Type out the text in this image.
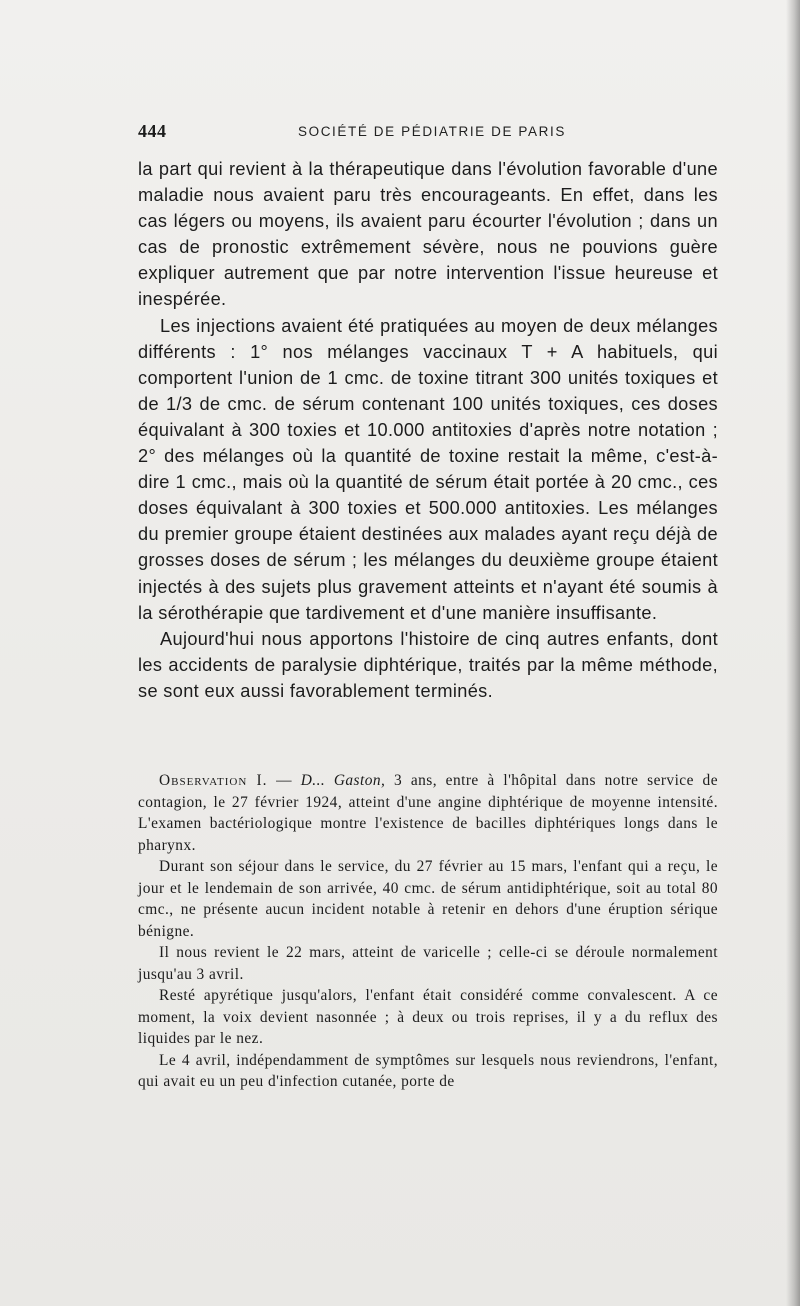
444	SOCIÉTÉ DE PÉDIATRIE DE PARIS

la part qui revient à la thérapeutique dans l'évolution favorable d'une maladie nous avaient paru très encourageants. En effet, dans les cas légers ou moyens, ils avaient paru écourter l'évolution ; dans un cas de pronostic extrêmement sévère, nous ne pouvions guère expliquer autrement que par notre intervention l'issue heureuse et inespérée.

Les injections avaient été pratiquées au moyen de deux mélanges différents : 1° nos mélanges vaccinaux T + A habituels, qui comportent l'union de 1 cmc. de toxine titrant 300 unités toxiques et de 1/3 de cmc. de sérum contenant 100 unités toxiques, ces doses équivalant à 300 toxies et 10.000 antitoxies d'après notre notation ; 2° des mélanges où la quantité de toxine restait la même, c'est-à-dire 1 cmc., mais où la quantité de sérum était portée à 20 cmc., ces doses équivalant à 300 toxies et 500.000 antitoxies. Les mélanges du premier groupe étaient destinées aux malades ayant reçu déjà de grosses doses de sérum ; les mélanges du deuxième groupe étaient injectés à des sujets plus gravement atteints et n'ayant été soumis à la sérothérapie que tardivement et d'une manière insuffisante.

Aujourd'hui nous apportons l'histoire de cinq autres enfants, dont les accidents de paralysie diphtérique, traités par la même méthode, se sont eux aussi favorablement terminés.

Observation I. — D... Gaston, 3 ans, entre à l'hôpital dans notre service de contagion, le 27 février 1924, atteint d'une angine diphtérique de moyenne intensité. L'examen bactériologique montre l'existence de bacilles diphtériques longs dans le pharynx.

Durant son séjour dans le service, du 27 février au 15 mars, l'enfant qui a reçu, le jour et le lendemain de son arrivée, 40 cmc. de sérum antidiphtérique, soit au total 80 cmc., ne présente aucun incident notable à retenir en dehors d'une éruption sérique bénigne.

Il nous revient le 22 mars, atteint de varicelle ; celle-ci se déroule normalement jusqu'au 3 avril.

Resté apyrétique jusqu'alors, l'enfant était considéré comme convalescent. A ce moment, la voix devient nasonnée ; à deux ou trois reprises, il y a du reflux des liquides par le nez.

Le 4 avril, indépendamment de symptômes sur lesquels nous reviendrons, l'enfant, qui avait eu un peu d'infection cutanée, porte de
